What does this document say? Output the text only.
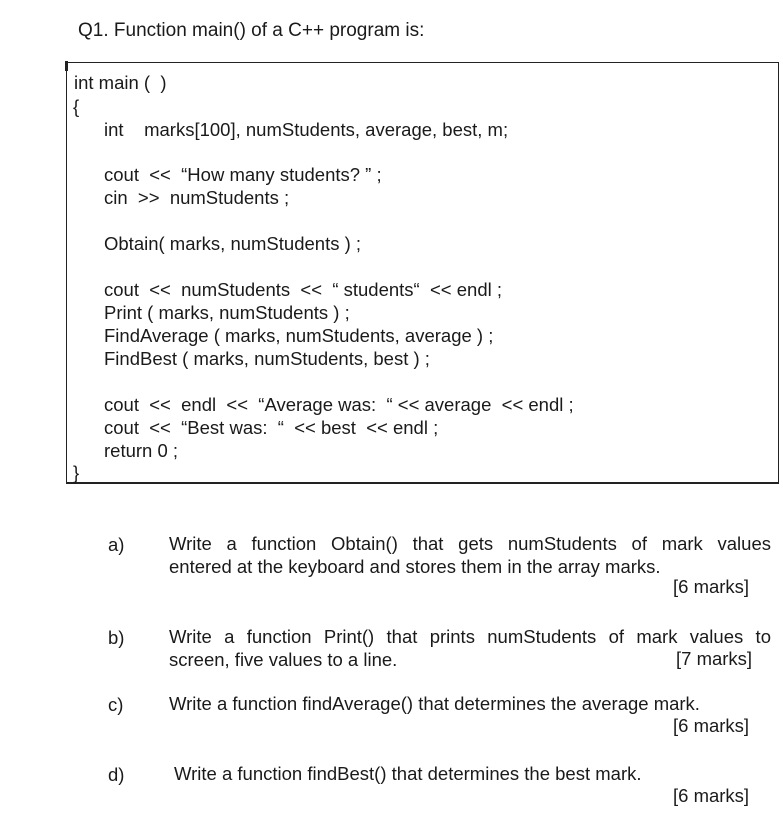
Q1. Function main() of a C++ program is:
int main (  )
{
int    marks[100], numStudents, average, best, m;
cout  <<  “How many students? ” ;
cin  >>  numStudents ;
Obtain( marks, numStudents ) ;
cout  <<  numStudents  <<  “ students“  << endl ;
Print ( marks, numStudents ) ;
FindAverage ( marks, numStudents, average ) ;
FindBest ( marks, numStudents, best ) ;
cout  <<  endl  <<  “Average was:  “ << average  << endl ;
cout  <<  “Best was:  “  << best  << endl ;
return 0 ;
}
a) Write a function Obtain() that gets numStudents of mark values
entered at the keyboard and stores them in the array marks.
[6 marks]
b) Write a function Print() that prints numStudents of mark values to
screen, five values to a line.	[7 marks]
c) Write a function findAverage() that determines the average mark.
[6 marks]
d)	Write a function findBest() that determines the best mark.
[6 marks]
